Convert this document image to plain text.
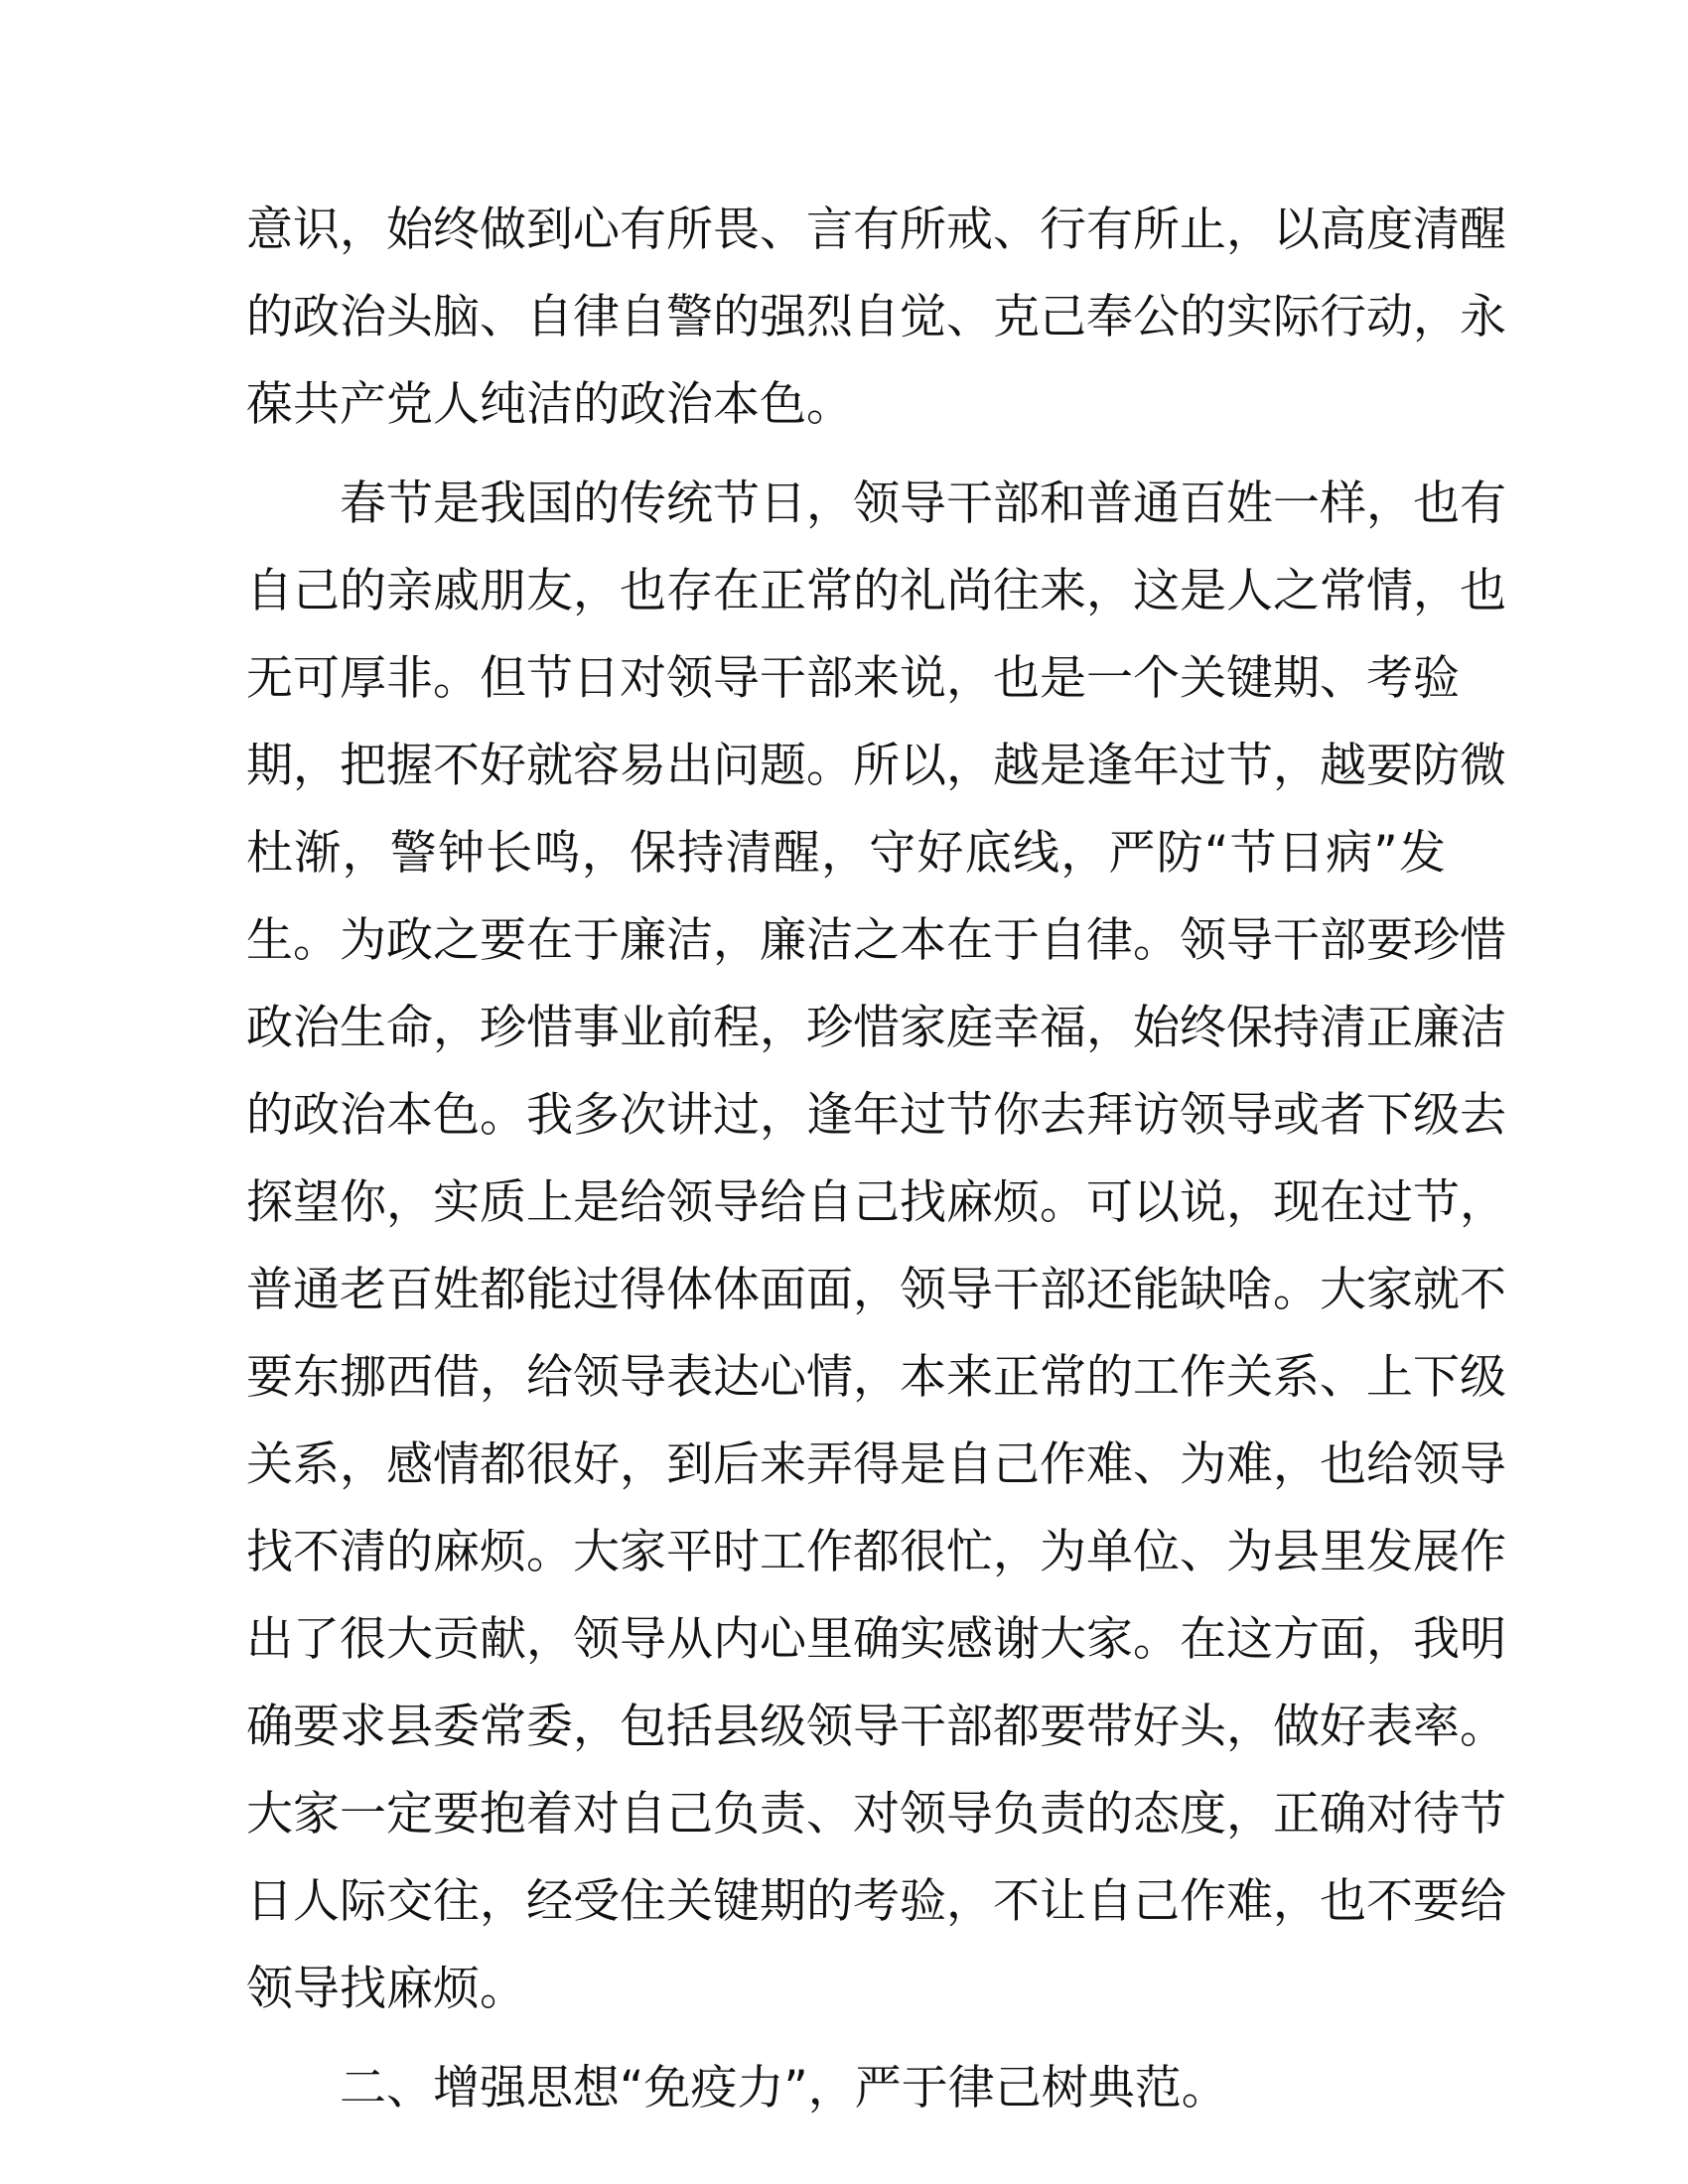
意识，始终做到心有所畏、言有所戒、行有所止，以高度清醒
的政治头脑、自律自警的强烈自觉、克己奉公的实际行动，永
葆共产党人纯洁的政治本色。
春节是我国的传统节日，领导干部和普通百姓一样，也有
自己的亲戚朋友，也存在正常的礼尚往来，这是人之常情，也
无可厚非。但节日对领导干部来说，也是一个关键期、考验
期，把握不好就容易出问题。所以，越是逢年过节，越要防微
杜渐，警钟长鸣，保持清醒，守好底线，严防“节日病”发
生。为政之要在于廉洁，廉洁之本在于自律。领导干部要珍惜
政治生命，珍惜事业前程，珍惜家庭幸福，始终保持清正廉洁
的政治本色。我多次讲过，逢年过节你去拜访领导或者下级去
探望你，实质上是给领导给自己找麻烦。可以说，现在过节，
普通老百姓都能过得体体面面，领导干部还能缺啥。大家就不
要东挪西借，给领导表达心情，本来正常的工作关系、上下级
关系，感情都很好，到后来弄得是自己作难、为难，也给领导
找不清的麻烦。大家平时工作都很忙，为单位、为县里发展作
出了很大贡献，领导从内心里确实感谢大家。在这方面，我明
确要求县委常委，包括县级领导干部都要带好头，做好表率。
大家一定要抱着对自己负责、对领导负责的态度，正确对待节
日人际交往，经受住关键期的考验，不让自己作难，也不要给
领导找麻烦。
二、增强思想“免疫力”，严于律己树典范。
